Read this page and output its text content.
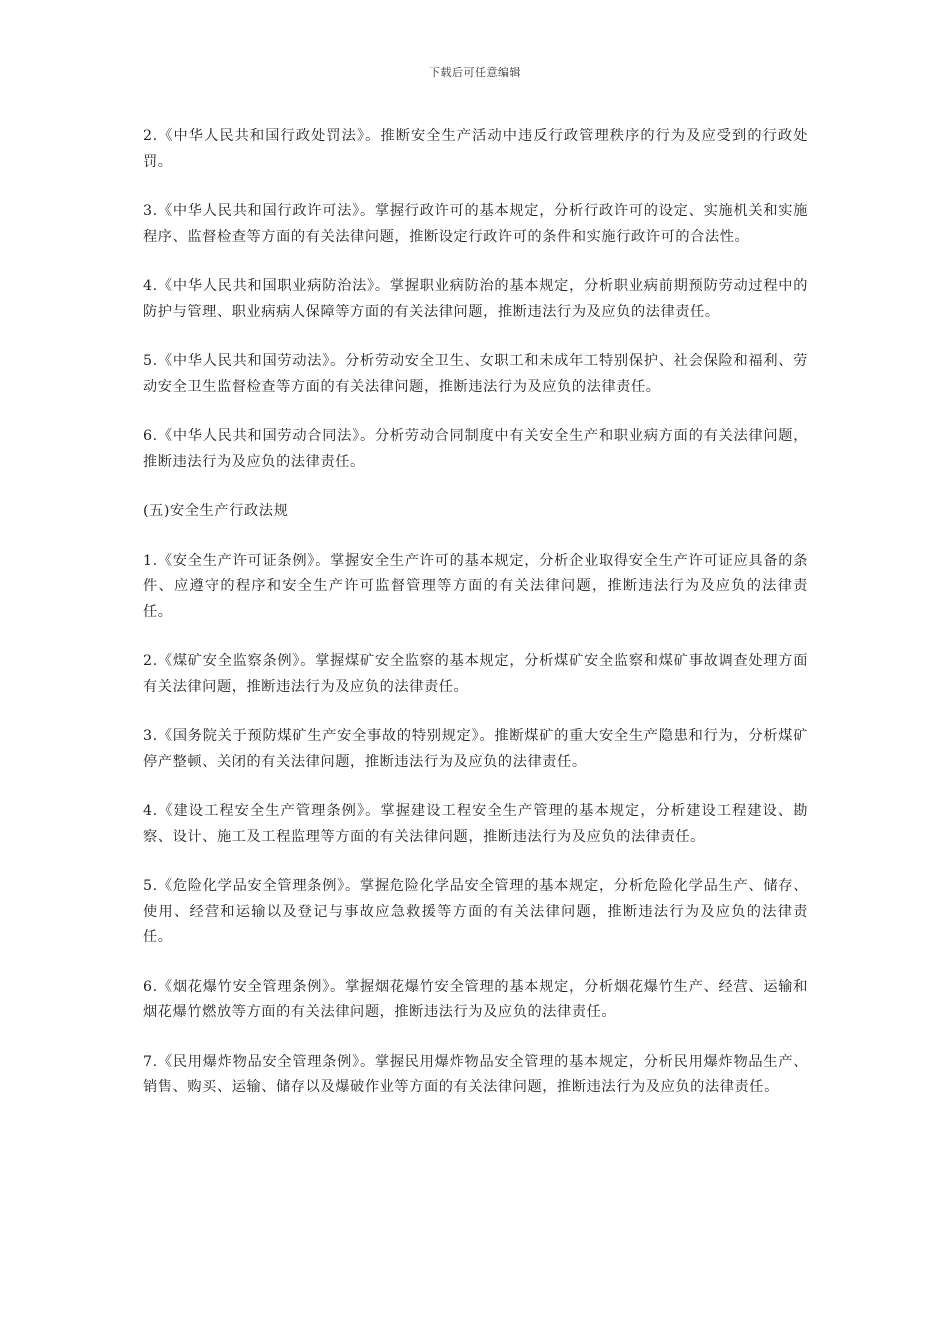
下载后可任意编辑

2.《中华人民共和国行政处罚法》。推断安全生产活动中违反行政管理秩序的行为及应受到的行政处罚。

3.《中华人民共和国行政许可法》。掌握行政许可的基本规定，分析行政许可的设定、实施机关和实施程序、监督检查等方面的有关法律问题，推断设定行政许可的条件和实施行政许可的合法性。

4.《中华人民共和国职业病防治法》。掌握职业病防治的基本规定，分析职业病前期预防劳动过程中的防护与管理、职业病病人保障等方面的有关法律问题，推断违法行为及应负的法律责任。

5.《中华人民共和国劳动法》。分析劳动安全卫生、女职工和未成年工特别保护、社会保险和福利、劳动安全卫生监督检查等方面的有关法律问题，推断违法行为及应负的法律责任。

6.《中华人民共和国劳动合同法》。分析劳动合同制度中有关安全生产和职业病方面的有关法律问题，推断违法行为及应负的法律责任。

(五)安全生产行政法规

1.《安全生产许可证条例》。掌握安全生产许可的基本规定，分析企业取得安全生产许可证应具备的条件、应遵守的程序和安全生产许可监督管理等方面的有关法律问题，推断违法行为及应负的法律责任。

2.《煤矿安全监察条例》。掌握煤矿安全监察的基本规定，分析煤矿安全监察和煤矿事故调查处理方面有关法律问题，推断违法行为及应负的法律责任。

3.《国务院关于预防煤矿生产安全事故的特别规定》。推断煤矿的重大安全生产隐患和行为，分析煤矿停产整顿、关闭的有关法律问题，推断违法行为及应负的法律责任。

4.《建设工程安全生产管理条例》。掌握建设工程安全生产管理的基本规定，分析建设工程建设、勘察、设计、施工及工程监理等方面的有关法律问题，推断违法行为及应负的法律责任。

5.《危险化学品安全管理条例》。掌握危险化学品安全管理的基本规定，分析危险化学品生产、储存、使用、经营和运输以及登记与事故应急救援等方面的有关法律问题，推断违法行为及应负的法律责任。

6.《烟花爆竹安全管理条例》。掌握烟花爆竹安全管理的基本规定，分析烟花爆竹生产、经营、运输和烟花爆竹燃放等方面的有关法律问题，推断违法行为及应负的法律责任。

7.《民用爆炸物品安全管理条例》。掌握民用爆炸物品安全管理的基本规定，分析民用爆炸物品生产、销售、购买、运输、储存以及爆破作业等方面的有关法律问题，推断违法行为及应负的法律责任。
